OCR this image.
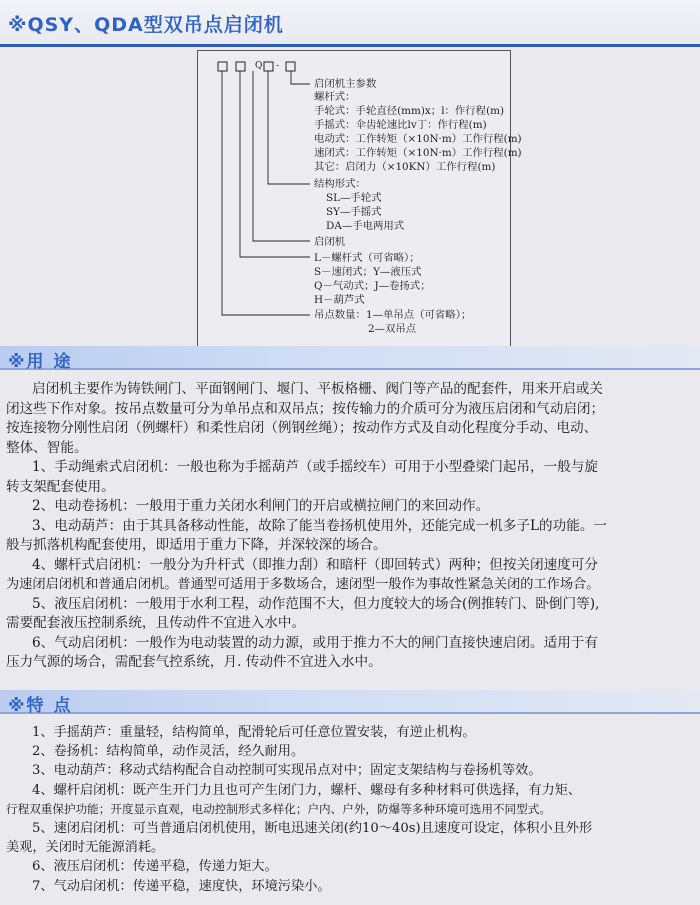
※QSY、QDA型双吊点启闭机
Q -
启闭机主参数
螺杆式：
手轮式：手轮直径(mm)x；l：作行程(m)
手摇式：伞齿轮速比lv丁：作行程(m)
电动式：工作转矩（×10N·m）工作行程(m)
速闭式：工作转矩（×10N·m）工作行程(m)
其它：启闭力（×10KN）工作行程(m)
结构形式：
SL—手轮式
SY—手摇式
DA—手电两用式
启闭机
L－螺杆式（可省略）；
S－速闭式；Y—液压式
Q－气动式；J—卷扬式；
H－葫芦式
吊点数量：1—单吊点（可省略）；
2—双吊点
※用 途

启闭机主要作为铸铁闸门、平面钢闸门、堰门、平板格栅、阀门等产品的配套件，用来开启或关

闭这些下作对象。按吊点数量可分为单吊点和双吊点；按传输力的介质可分为液压启闭和气动启闭；

按连接物分刚性启闭（例螺杆）和柔性启闭（例钢丝绳）；按动作方式及自动化程度分手动、电动、

整体、智能。

1、手动绳索式启闭机：一般也称为手摇葫芦（或手摇绞车）可用于小型叠梁门起吊，一般与旋

转支架配套使用。

2、电动卷扬机：一般用于重力关闭水利闸门的开启或横拉闸门的来回动作。

3、电动葫芦：由于其具备移动性能，故除了能当卷扬机使用外，还能完成一机多子L的功能。一

般与抓落机构配套使用，即适用于重力下降，并深较深的场合。

4、螺杆式启闭机：一般分为升杆式（即推力刮）和暗杆（即回转式）两种；但按关闭速度可分

为速闭启闭机和普通启闭机。普通型可适用于多数场合，速闭型一般作为事故性紧急关闭的工作场合。

5、液压启闭机：一般用于水利工程，动作范围不大，但力度较大的场合(例推转门、卧倒门等),

需要配套液压控制系统，且传动件不宜进入水中。

6、气动启闭机：一般作为电动装置的动力源，或用于推力不大的闸门直接快速启闭。适用于有

压力气源的场合，需配套气控系统，月. 传动件不宜进入水中。

※特 点

1、手摇葫芦：重量轻，结构简单，配滑轮后可任意位置安装，有逆止机构。

2、卷扬机：结构简单，动作灵活，经久耐用。

3、电动葫芦：移动式结构配合自动控制可实现吊点对中；固定支架结构与卷扬机等效。

4、螺杆启闭机：既产生开门力且也可产生闭门力，螺杆、螺母有多种材料可供选择，有力矩、

行程双重保护功能；开度显示直观，电动控制形式多样化；户内、户外，防爆等多种环境可选用不同型式。

5、速闭启闭机：可当普通启闭机使用，断电迅速关闭(约10～40s)且速度可设定，体积小且外形

美观，关闭时无能源消耗。

6、液压启闭机：传递平稳，传递力矩大。

7、气动启闭机：传递平稳，速度快，环境污染小。
